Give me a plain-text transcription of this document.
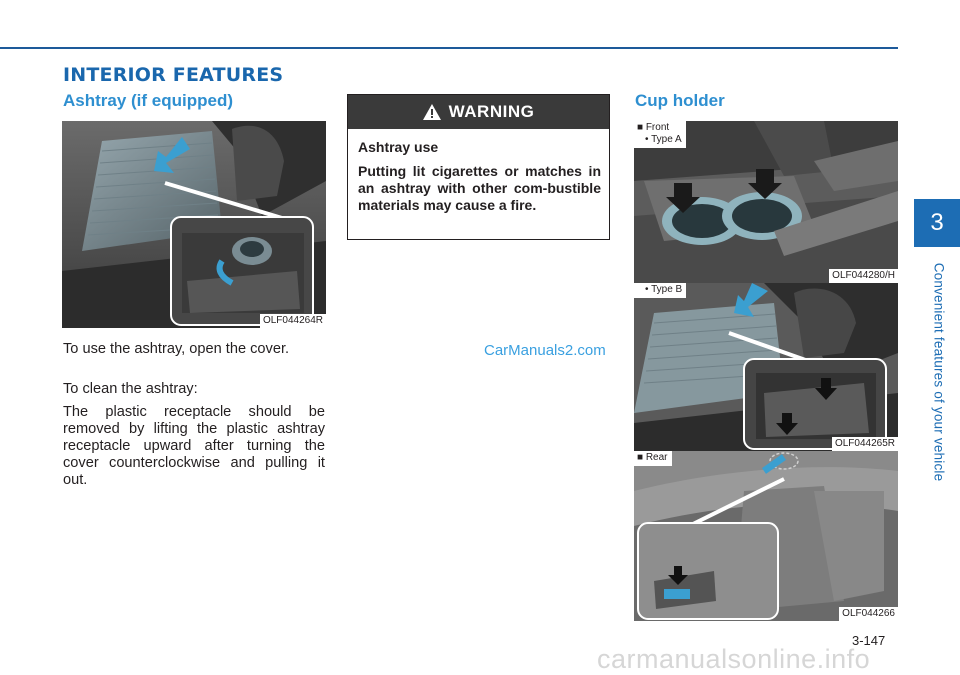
INTERIOR FEATURES
Ashtray (if equipped)
OLF044264R

To use the ashtray, open the cover.

To clean the ashtray:

The plastic receptacle should be removed by lifting the plastic ashtray receptacle upward after turning the cover counterclockwise and pulling it out.

WARNING
Ashtray use
Putting lit cigarettes or matches in an ashtray with other com-bustible materials may cause a fire.
CarManuals2.com
Cup holder
■ Front
• Type A
OLF044280/H
• Type B
OLF044265R
■ Rear
OLF044266
3
Convenient features of your vehicle
3-147
carmanualsonline.info
